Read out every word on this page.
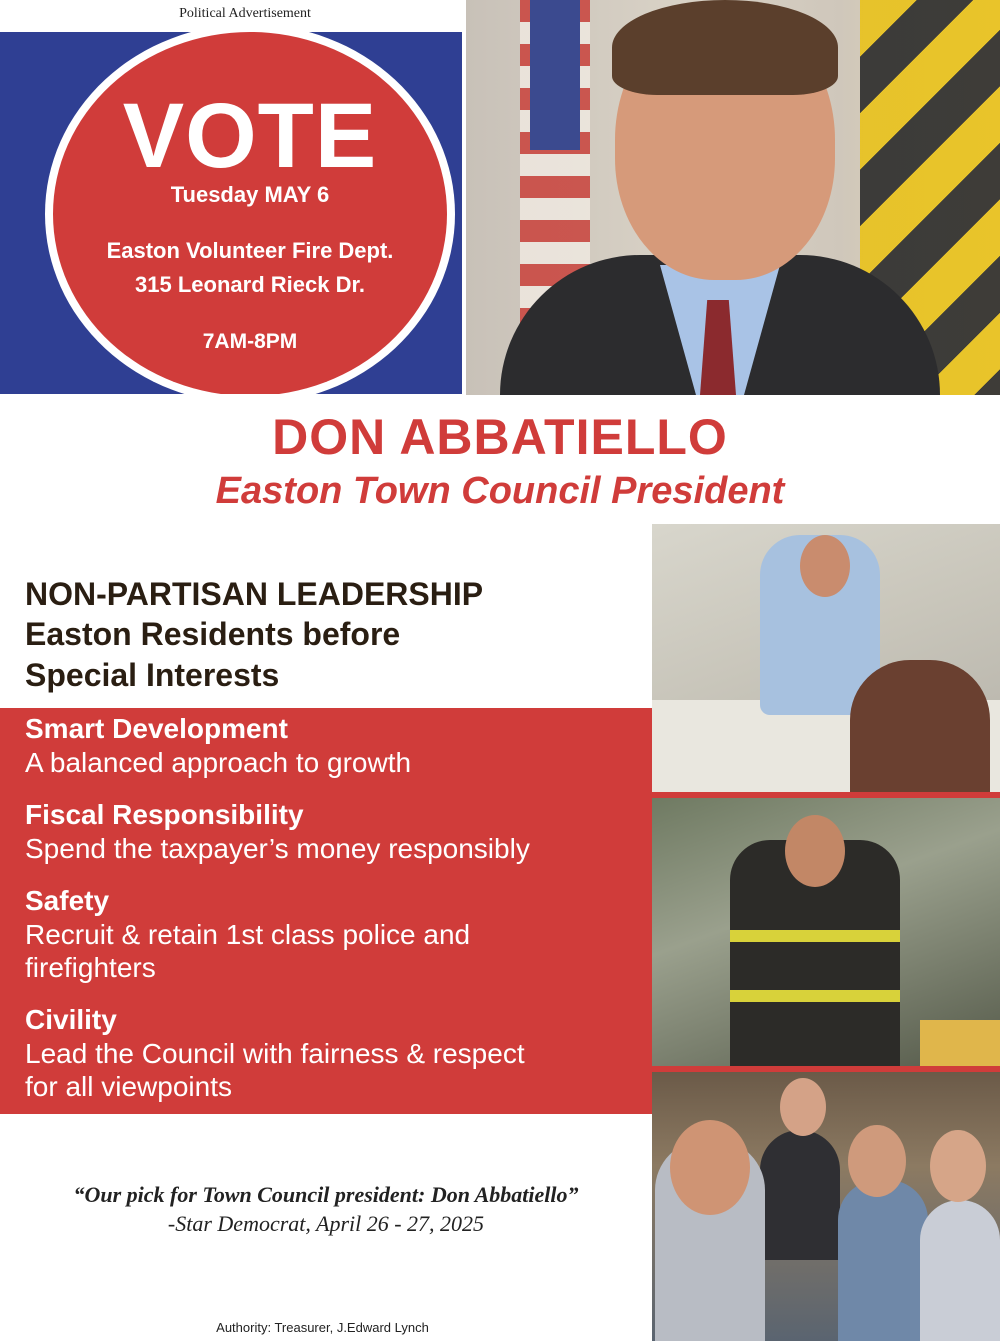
Political Advertisement
VOTE
Tuesday MAY 6
Easton Volunteer Fire Dept.
315 Leonard Rieck Dr.
7AM-8PM
DON ABBATIELLO
Easton Town Council President
NON-PARTISAN LEADERSHIP
Easton Residents before
Special Interests
Smart Development
A balanced approach to growth
Fiscal Responsibility
Spend the taxpayer’s money responsibly
Safety
Recruit & retain 1st class police and
firefighters
Civility
Lead the Council with fairness & respect
for all viewpoints
“Our pick for Town Council president: Don Abbatiello”
-Star Democrat, April 26 - 27, 2025
Authority: Treasurer, J.Edward Lynch
